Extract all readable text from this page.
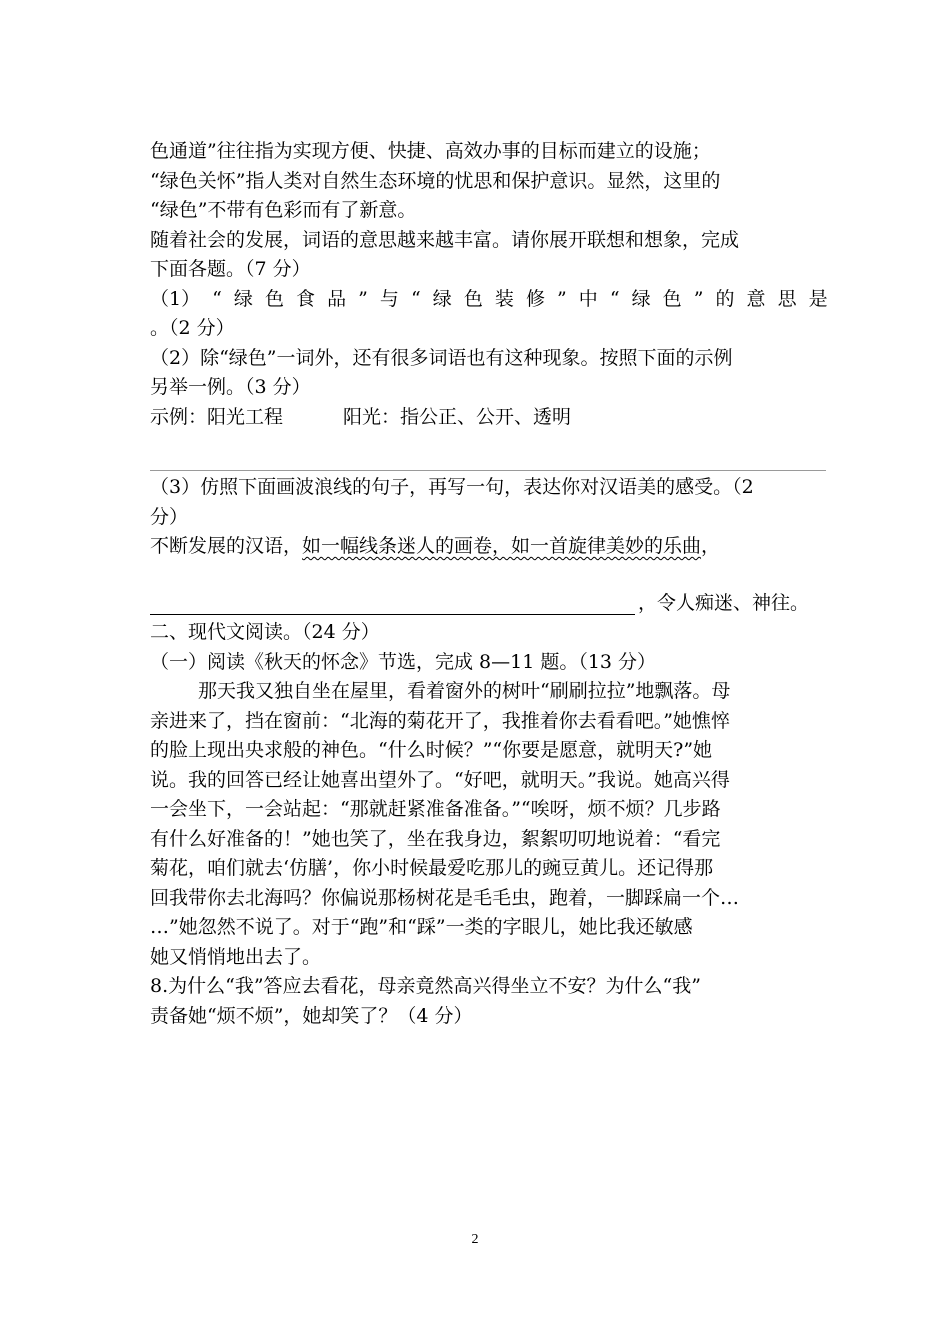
色通道”往往指为实现方便、快捷、高效办事的目标而建立的设施；
“绿色关怀”指人类对自然生态环境的忧思和保护意识。显然，这里的
“绿色”不带有色彩而有了新意。
随着社会的发展，词语的意思越来越丰富。请你展开联想和想象，完成
下面各题。（7 分）
（1） “ 绿 色 食 品 ” 与 “ 绿 色 装 修 ” 中 “ 绿 色 ” 的 意 思 是
。（2 分）
（2）除“绿色”一词外，还有很多词语也有这种现象。按照下面的示例
另举一例。（3 分）
示例：阳光工程	阳光：指公正、公开、透明
（3）仿照下面画波浪线的句子，再写一句，表达你对汉语美的感受。（2
分）
不断发展的汉语，如一幅线条迷人的画卷，如一首旋律美妙的乐曲，
，令人痴迷、神往。
二、现代文阅读。（24 分）
（一）阅读《秋天的怀念》节选，完成 8—11 题。（13 分）
那天我又独自坐在屋里，看着窗外的树叶“刷刷拉拉”地飘落。母
亲进来了，挡在窗前：“北海的菊花开了，我推着你去看看吧。”她憔悴
的脸上现出央求般的神色。“什么时候？”“你要是愿意，就明天?”她
说。我的回答已经让她喜出望外了。“好吧，就明天。”我说。她高兴得
一会坐下，一会站起：“那就赶紧准备准备。”“唉呀，烦不烦？几步路
有什么好准备的！”她也笑了，坐在我身边，絮絮叨叨地说着：“看完
菊花，咱们就去‘仿膳’，你小时候最爱吃那儿的豌豆黄儿。还记得那
回我带你去北海吗？你偏说那杨树花是毛毛虫，跑着，一脚踩扁一个…
…”她忽然不说了。对于“跑”和“踩”一类的字眼儿，她比我还敏感
她又悄悄地出去了。
8.为什么“我”答应去看花，母亲竟然高兴得坐立不安？为什么“我”
责备她“烦不烦”，她却笑了？（4 分）
2
